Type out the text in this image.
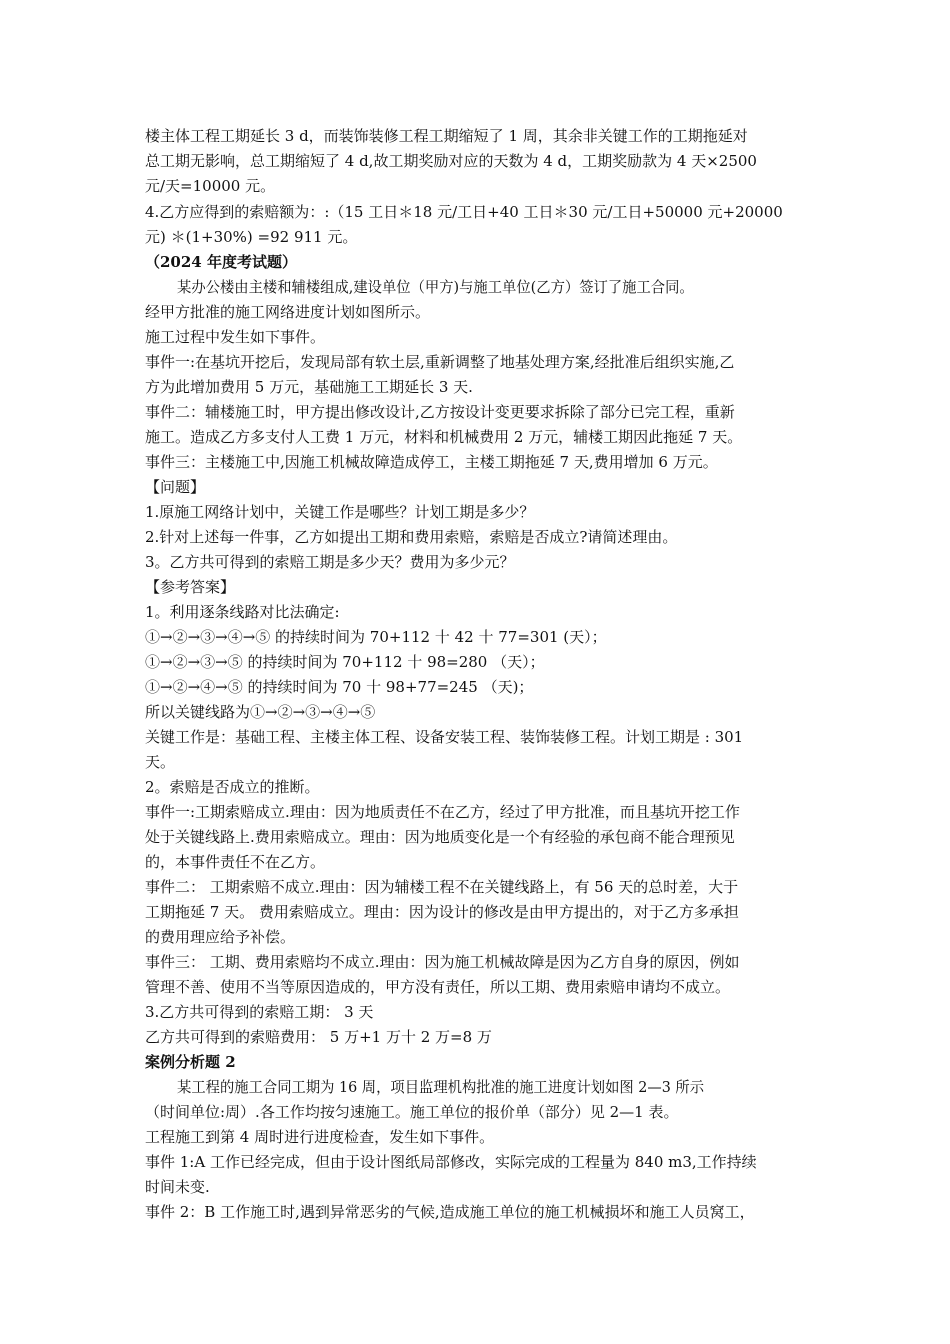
楼主体工程工期延长 3 d，而装饰装修工程工期缩短了 1 周，其余非关键工作的工期拖延对
总工期无影响，总工期缩短了 4 d,故工期奖励对应的天数为 4 d，工期奖励款为 4 天×2500
元/天=10000 元。
4.乙方应得到的索赔额为：:（15 工日＊18 元/工日+40 工日＊30 元/工日+50000 元+20000
元) ＊(1+30%) =92 911 元。
（2024 年度考试题）
某办公楼由主楼和辅楼组成,建设单位（甲方)与施工单位(乙方）签订了施工合同。
经甲方批准的施工网络进度计划如图所示。
施工过程中发生如下事件。
事件一:在基坑开挖后，发现局部有软土层,重新调整了地基处理方案,经批准后组织实施,乙
方为此增加费用 5 万元，基础施工工期延长 3 天.
事件二：辅楼施工时，甲方提出修改设计,乙方按设计变更要求拆除了部分已完工程，重新
施工。造成乙方多支付人工费 1 万元，材料和机械费用 2 万元，辅楼工期因此拖延 7 天。
事件三：主楼施工中,因施工机械故障造成停工，主楼工期拖延 7 天,费用增加 6 万元。
【问题】
1.原施工网络计划中，关键工作是哪些？计划工期是多少？
2.针对上述每一件事，乙方如提出工期和费用索赔，索赔是否成立?请简述理由。
3。乙方共可得到的索赔工期是多少天？费用为多少元？
【参考答案】
1。利用逐条线路对比法确定:
①→②→③→④→⑤ 的持续时间为 70+112 十 42 十 77=301 (天）；
①→②→③→⑤ 的持续时间为 70+112 十 98=280 （天）；
①→②→④→⑤ 的持续时间为 70 十 98+77=245 （天)；
所以关键线路为①→②→③→④→⑤
关键工作是：基础工程、主楼主体工程、设备安装工程、装饰装修工程。计划工期是 : 301
天。
2。索赔是否成立的推断。
事件一:工期索赔成立.理由：因为地质责任不在乙方，经过了甲方批准，而且基坑开挖工作
处于关键线路上.费用索赔成立。理由：因为地质变化是一个有经验的承包商不能合理预见
的，本事件责任不在乙方。
事件二： 工期索赔不成立.理由：因为辅楼工程不在关键线路上，有 56 天的总时差，大于
工期拖延 7 天。 费用索赔成立。理由：因为设计的修改是由甲方提出的，对于乙方多承担
的费用理应给予补偿。
事件三： 工期、费用索赔均不成立.理由：因为施工机械故障是因为乙方自身的原因，例如
管理不善、使用不当等原因造成的，甲方没有责任，所以工期、费用索赔申请均不成立。
3.乙方共可得到的索赔工期： 3 天
乙方共可得到的索赔费用： 5 万+1 万十 2 万=8 万
案例分析题 2
某工程的施工合同工期为 16 周，项目监理机构批准的施工进度计划如图 2—3 所示
（时间单位:周）.各工作均按匀速施工。施工单位的报价单（部分）见 2—1 表。
工程施工到第 4 周时进行进度检查，发生如下事件。
事件 1:A 工作已经完成，但由于设计图纸局部修改，实际完成的工程量为 840 m3,工作持续
时间未变.
事件 2：B 工作施工时,遇到异常恶劣的气候,造成施工单位的施工机械损坏和施工人员窝工，
